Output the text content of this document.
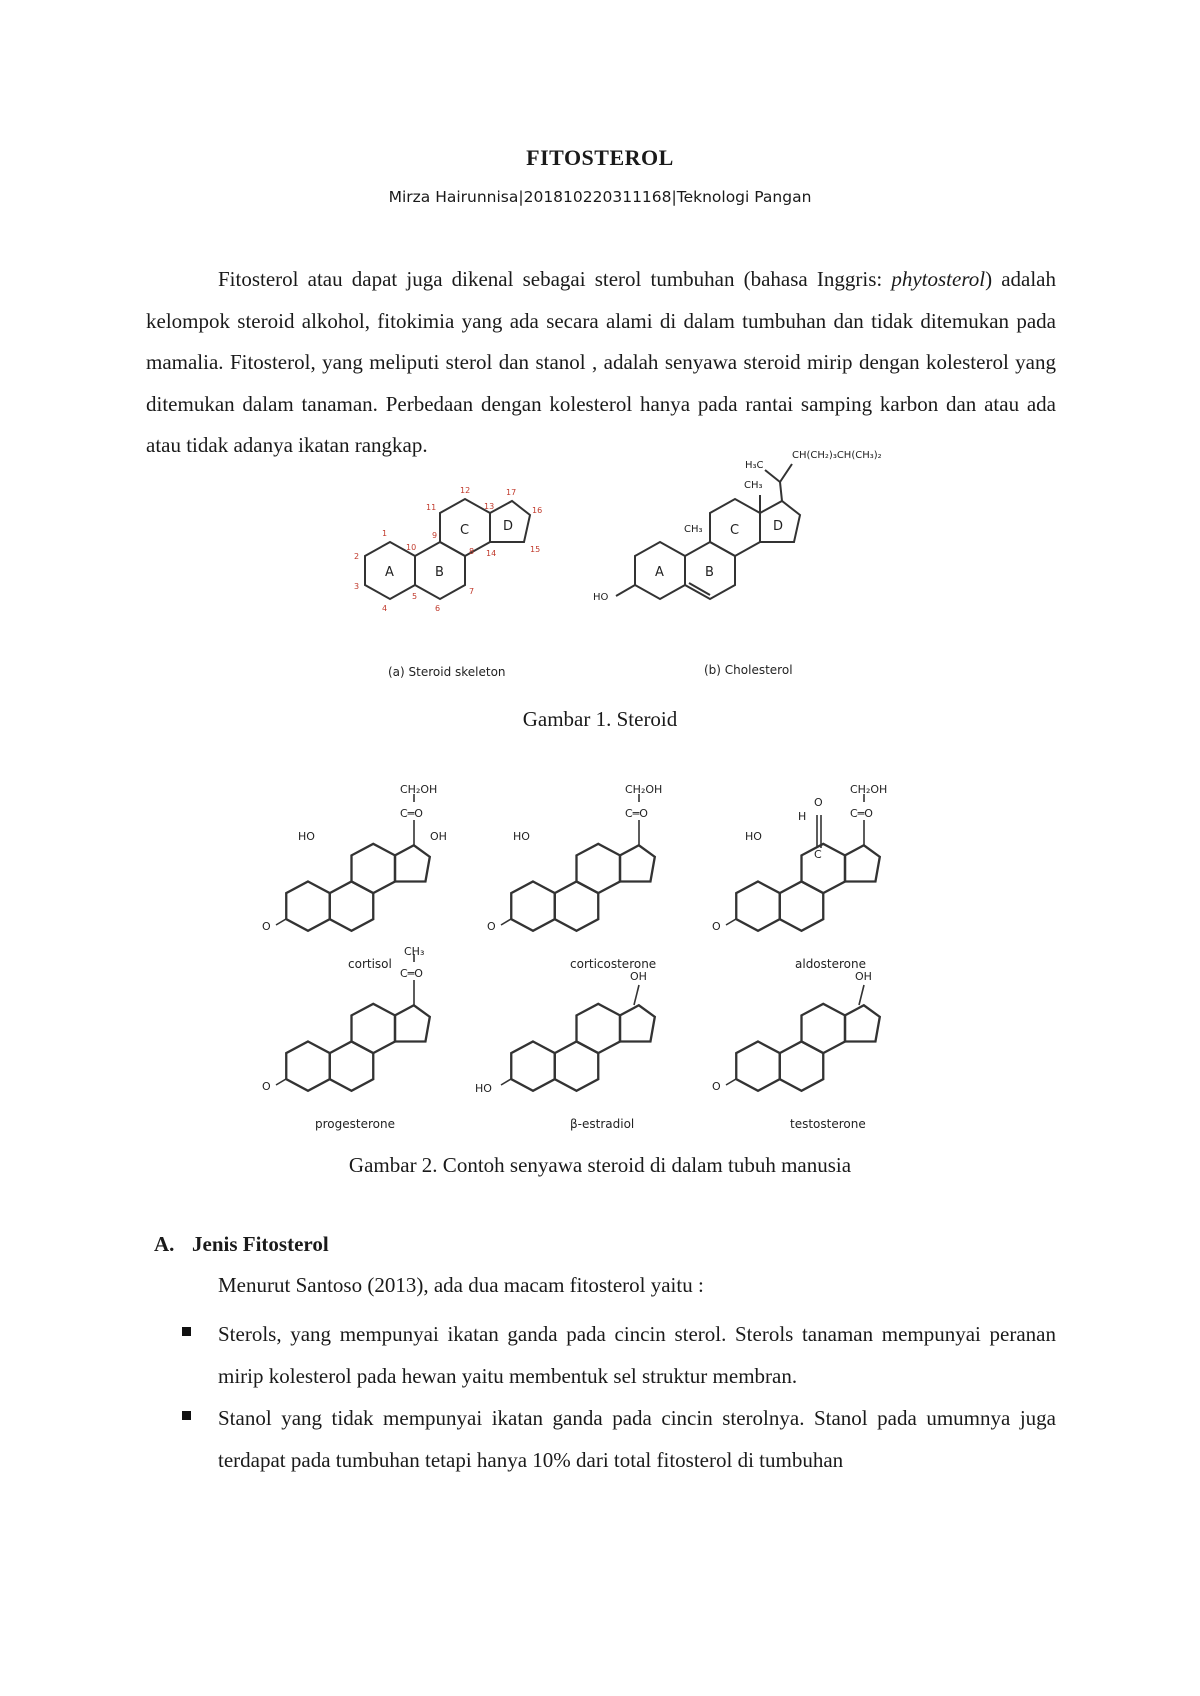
FITOSTEROL
Mirza Hairunnisa|201810220311168|Teknologi Pangan

Fitosterol atau dapat juga dikenal sebagai sterol tumbuhan (bahasa Inggris: phytosterol) adalah kelompok steroid alkohol, fitokimia yang ada secara alami di dalam tumbuhan dan tidak ditemukan pada mamalia. Fitosterol, yang meliputi sterol dan stanol , adalah senyawa steroid mirip dengan kolesterol yang ditemukan dalam tanaman. Perbedaan dengan kolesterol hanya pada rantai samping karbon dan atau ada atau tidak adanya ikatan rangkap.

A	B
C	D
A	B
C	D
HO
CH₃
CH₃
H₃C
CH(CH₂)₃CH(CH₃)₂
1
2
3
4
5
6
7
8
9
10
11
12
13
14	15
16
17
(a) Steroid skeleton	(b) Cholesterol
Gambar 1. Steroid
CH₂OH
C═O
OH
HO
CH₂OH
C═O
HO
CH₂OH
C═O
O
H
C
HO
CH₃
C═O	OH	OH
HO
O	O	O
O	O
cortisol	corticosterone	aldosterone
progesterone	β-estradiol	testosterone
Gambar 2. Contoh senyawa steroid di dalam tubuh manusia
A. Jenis Fitosterol
Menurut Santoso (2013), ada dua macam fitosterol yaitu :
Sterols, yang mempunyai ikatan ganda pada cincin sterol. Sterols tanaman mempunyai peranan mirip kolesterol pada hewan yaitu membentuk sel struktur membran.
Stanol yang tidak mempunyai ikatan ganda pada cincin sterolnya. Stanol pada umumnya juga terdapat pada tumbuhan tetapi hanya 10% dari total fitosterol di tumbuhan
